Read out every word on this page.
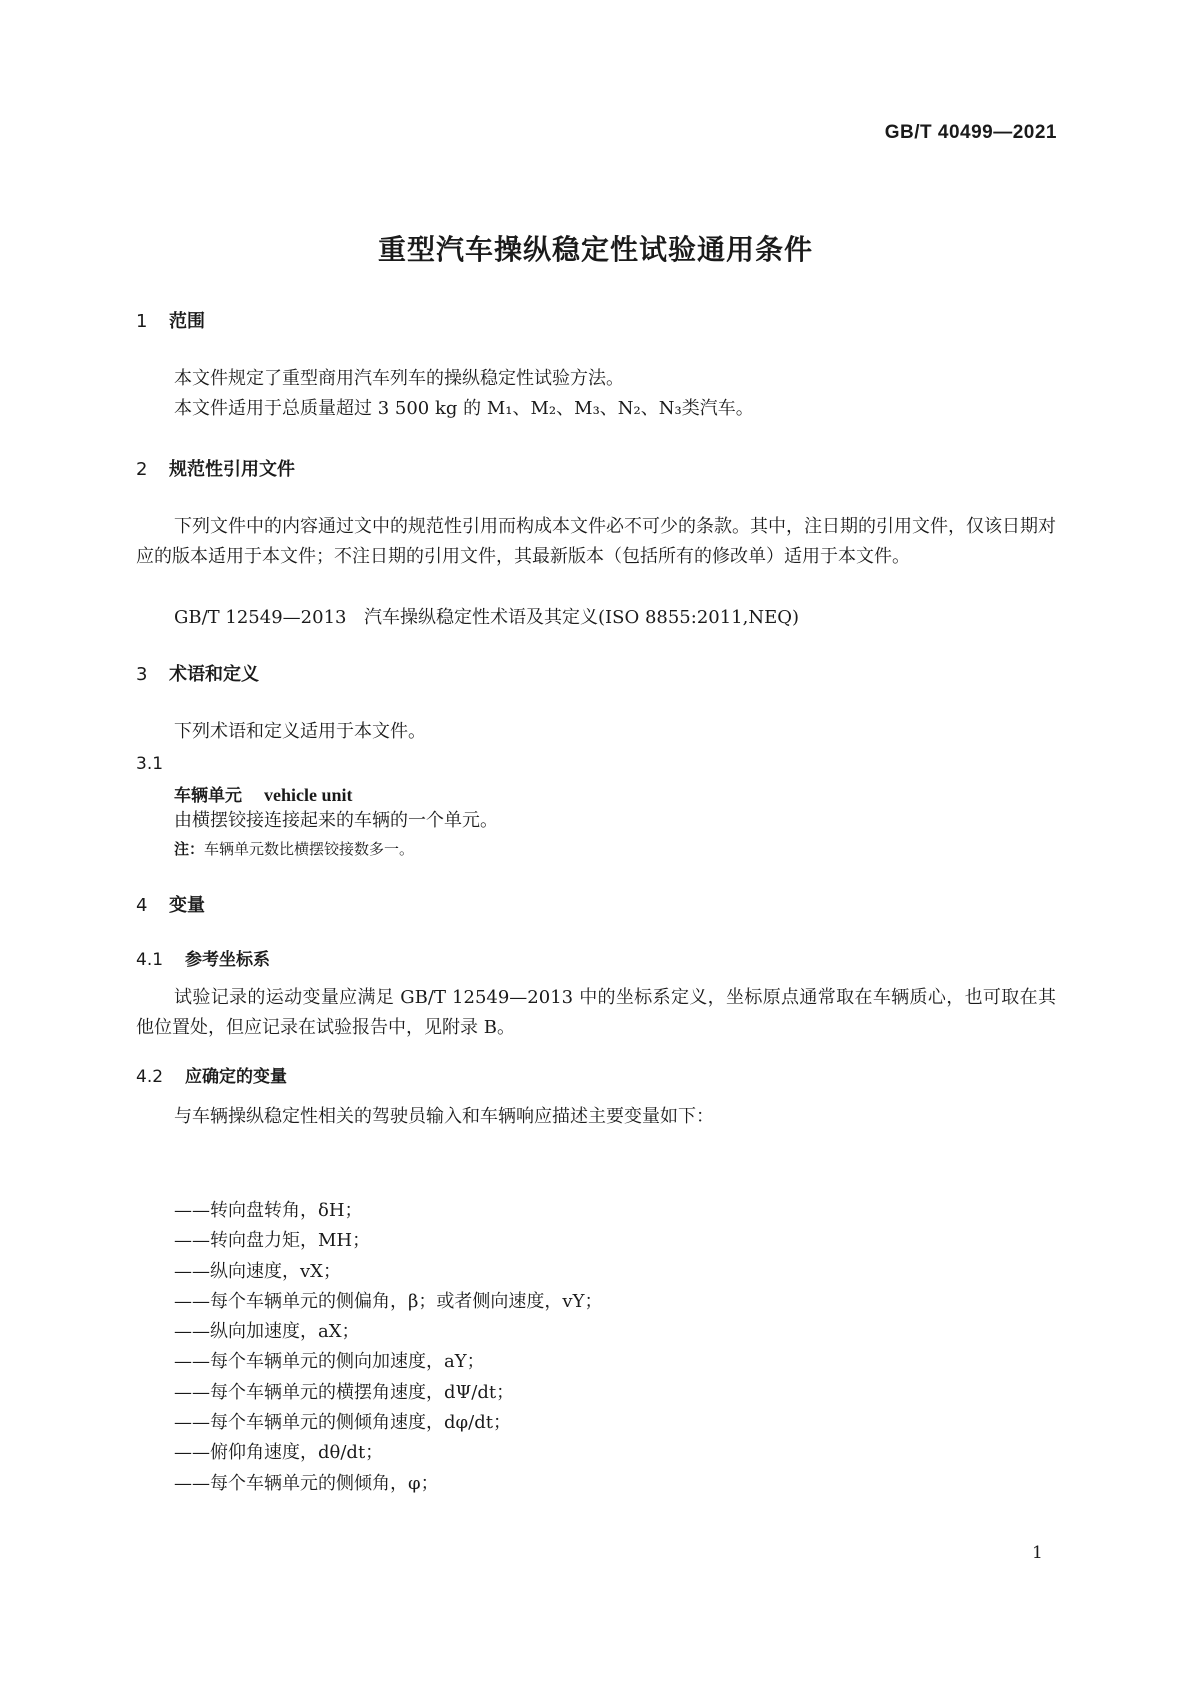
GB/T 40499—2021
重型汽车操纵稳定性试验通用条件
1 范围
本文件规定了重型商用汽车列车的操纵稳定性试验方法。
本文件适用于总质量超过 3 500 kg 的 M₁、M₂、M₃、N₂、N₃类汽车。
2 规范性引用文件
下列文件中的内容通过文中的规范性引用而构成本文件必不可少的条款。其中，注日期的引用文件，仅该日期对应的版本适用于本文件；不注日期的引用文件，其最新版本（包括所有的修改单）适用于本文件。
GB/T 12549—2013 汽车操纵稳定性术语及其定义(ISO 8855:2011,NEQ)
3 术语和定义
下列术语和定义适用于本文件。
3.1
车辆单元 vehicle unit
由横摆铰接连接起来的车辆的一个单元。
注：车辆单元数比横摆铰接数多一。
4 变量
4.1 参考坐标系
试验记录的运动变量应满足 GB/T 12549—2013 中的坐标系定义，坐标原点通常取在车辆质心，也可取在其他位置处，但应记录在试验报告中，见附录 B。
4.2 应确定的变量
与车辆操纵稳定性相关的驾驶员输入和车辆响应描述主要变量如下：
——转向盘转角，δH；
——转向盘力矩，MH；
——纵向速度，vX；
——每个车辆单元的侧偏角，β；或者侧向速度，vY；
——纵向加速度，aX；
——每个车辆单元的侧向加速度，aY；
——每个车辆单元的横摆角速度，dΨ/dt；
——每个车辆单元的侧倾角速度，dφ/dt；
——俯仰角速度，dθ/dt；
——每个车辆单元的侧倾角，φ；
1
